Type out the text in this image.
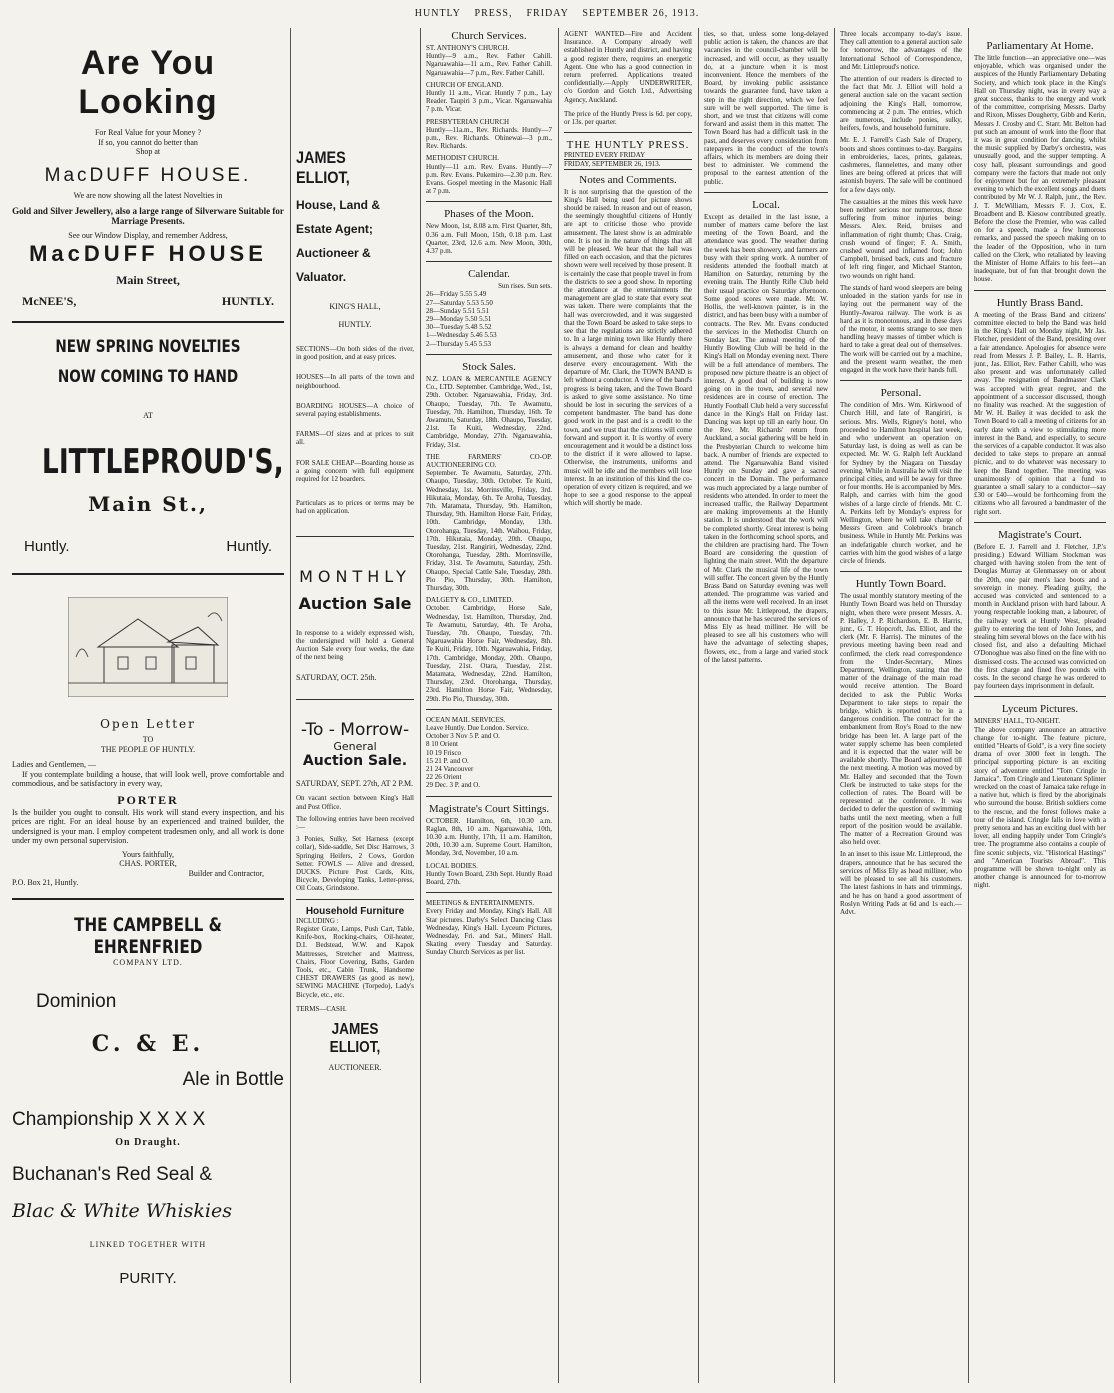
HUNTLY PRESS, FRIDAY SEPTEMBER 26, 1913.
Are You Looking
For Real Value for your Money ? If so, you cannot do better than Shop at
MacDUFF HOUSE.
We are now showing all the latest Novelties in
Gold and Silver Jewellery, also a large range of Silverware Suitable for Marriage Presents.
See our Window Display, and remember Address,
MacDUFF HOUSE
Main Street,
McNEE'S,	HUNTLY.
NEW SPRING NOVELTIES
NOW COMING TO HAND
AT
LITTLEPROUD'S,
Main St.,
Huntly.	Huntly.
Open Letter
TO
THE PEOPLE OF HUNTLY.
Ladies and Gentlemen, —
If you contemplate building a house, that will look well, prove comfortable and commodious, and be satisfactory in every way,
PORTER
Is the builder you ought to consult. His work will stand every inspection, and his prices are right. For an ideal house by an experienced and trained builder, the undersigned is your man. I employ competent tradesmen only, and all work is done under my own personal supervision.
Yours faithfully,
CHAS. PORTER,
Builder and Contractor,
P.O. Box 21, Huntly.
THE CAMPBELL & EHRENFRIED
COMPANY LTD.
Dominion
C. & E.
Ale in Bottle
Championship X X X X
On Draught.
Buchanan's Red Seal &
Blac & White Whiskies
LINKED TOGETHER WITH
PURITY.
JAMES ELLIOT,
House, Land &
Estate Agent;
Auctioneer &
Valuator.
KING'S HALL,
HUNTLY.
SECTIONS—On both sides of the river, in good position, and at easy prices.
HOUSES—In all parts of the town and neighbourhood.
BOARDING HOUSES—A choice of several paying establishments.
FARMS—Of sizes and at prices to suit all.
FOR SALE CHEAP—Boarding house as a going concern with full equipment required for 12 boarders.
Particulars as to prices or terms may be had on application.
MONTHLY
Auction Sale
In response to a widely expressed wish, the undersigned will hold a General Auction Sale every four weeks, the date of the next being
SATURDAY, OCT. 25th.
-To - Morrow-
General
Auction Sale.
SATURDAY, SEPT. 27th, AT 2 P.M.
On vacant section between King's Hall and Post Office.
The following entries have been received :—
3 Ponies, Sulky, Set Harness (except collar), Side-saddle, Set Disc Harrows, 3 Springing Heifers, 2 Cows, Gordon Setter. FOWLS — Alive and dressed, DUCKS. Picture Post Cards, Kits, Bicycle, Developing Tanks, Letter-press, Oil Coats, Grindstone.
Household Furniture
INCLUDING :
Register Grate, Lamps, Push Cart, Table, Knife-box, Rocking-chairs, Oil-heater, D.I. Bedstead, W.W. and Kapok Mattresses, Stretcher and Mattress, Chairs, Floor Covering, Baths, Garden Tools, etc., Cabin Trunk, Handsome CHEST DRAWERS (as good as new), SEWING MACHINE (Torpedo), Lady's Bicycle, etc., etc.
TERMS—CASH.
JAMES ELLIOT,
AUCTIONEER.
Church Services.
ST. ANTHONY'S CHURCH.
Huntly—9 a.m., Rev. Father Cahill. Ngaruawahia—11 a.m., Rev. Father Cahill. Ngaruawahia—7 p.m., Rev. Father Cahill.
CHURCH OF ENGLAND.
Huntly 11 a.m., Vicar. Huntly 7 p.m., Lay Reader. Taupiri 3 p.m., Vicar. Ngaruawahia 7 p.m. Vicar.
PRESBYTERIAN CHURCH
Huntly—11a.m., Rev. Richards. Huntly—7 p.m., Rev. Richards. Ohinewai—3 p.m., Rev. Richards.
METHODIST CHURCH.
Huntly—11 a.m. Rev. Evans. Huntly—7 p.m. Rev. Evans. Pukemiro—2.30 p.m. Rev. Evans. Gospel meeting in the Masonic Hall at 7 p.m.
Phases of the Moon.
New Moon, 1st, 8.08 a.m. First Quarter, 8th, 0.36 a.m. Full Moon, 15th, 0.18 p.m. Last Quarter, 23rd, 12.6 a.m. New Moon, 30th, 4.37 p.m.
Calendar.
Sun rises. Sun sets.
26—Friday 5.55 5.49
27—Saturday 5.53 5.50
28—Sunday 5.51 5.51
29—Monday 5.50 5.51
30—Tuesday 5.48 5.52
1—Wednesday 5.46 5.53
2—Thursday 5.45 5.53
Stock Sales.
N.Z. LOAN & MERCANTILE AGENCY Co., LTD. September. Cambridge, Wed., 1st, 29th. October. Ngaruawahia, Friday, 3rd. Ohaupo, Tuesday, 7th. Te Awamutu, Tuesday, 7th. Hamilton, Thursday, 16th. Te Awamutu, Saturday, 18th. Ohaupo, Tuesday, 21st. Te Kuiti, Wednesday, 22nd. Cambridge, Monday, 27th. Ngaruawahia, Friday, 31st.
THE FARMERS' CO-OP. AUCTIONEERING CO.
September. Te Awamutu, Saturday, 27th. Ohaupo, Tuesday, 30th. October. Te Kuiti, Wednesday, 1st. Morrinsville, Friday, 3rd. Hikutaia, Monday, 6th. Te Aroha, Tuesday, 7th. Matamata, Thursday, 9th. Hamilton, Thursday, 9th. Hamilton Horse Fair, Friday, 10th. Cambridge, Monday, 13th. Otorohanga, Tuesday, 14th. Waihou, Friday, 17th. Hikutaia, Monday, 20th. Ohaupo, Tuesday, 21st. Rangiriri, Wednesday, 22nd. Otorohanga, Tuesday, 28th. Morrinsville, Friday, 31st. Te Awamutu, Saturday, 25th. Ohaupo, Special Cattle Sale, Tuesday, 28th. Pio Pio, Thursday, 30th. Hamilton, Thursday, 30th.
DALGETY & CO., LIMITED.
October. Cambridge, Horse Sale, Wednesday, 1st. Hamilton, Thursday, 2nd. Te Awamutu, Saturday, 4th. Te Aroha, Tuesday, 7th. Ohaupo, Tuesday, 7th. Ngaruawahia Horse Fair, Wednesday, 8th. Te Kuiti, Friday, 10th. Ngaruawahia, Friday, 17th. Cambridge, Monday, 20th. Ohaupo, Tuesday, 21st. Otara, Tuesday, 21st. Matamata, Wednesday, 22nd. Hamilton, Thursday, 23rd. Otorohanga, Thursday, 23rd. Hamilton Horse Fair, Wednesday, 29th. Pio Pio, Thursday, 30th.
OCEAN MAIL SERVICES.
Leave Huntly. Due London. Service.
October 3 Nov 5 P. and O.
8 10 Orient
10 19 Frisco
15 21 P. and O.
21 24 Vancouver
22 26 Orient
29 Dec. 3 P. and O.
Magistrate's Court Sittings.
OCTOBER. Hamilton, 6th, 10.30 a.m. Raglan, 8th, 10 a.m. Ngaruawahia, 10th, 10.30 a.m. Huntly, 17th, 11 a.m. Hamilton, 20th, 10.30 a.m. Supreme Court. Hamilton, Monday, 3rd, November, 10 a.m.
LOCAL BODIES.
Huntly Town Board, 23th Sept. Huntly Road Board, 27th.
MEETINGS & ENTERTAINMENTS.
Every Friday and Monday, King's Hall. All Star pictures. Darby's Select Dancing Class Wednesday, King's Hall. Lyceum Pictures, Wednesday, Fri. and Sat., Miners' Hall. Skating every Tuesday and Saturday. Sunday Church Services as per list.
AGENT WANTED—Fire and Accident Insurance. A Company already well established in Huntly and district, and having a good register there, requires an energetic Agent. One who has a good connection in return preferred. Applications treated confidentially.—Apply UNDERWRITER, c/o Gordon and Gotch Ltd., Advertising Agency, Auckland.
The price of the Huntly Press is 6d. per copy, or 13s. per quarter.
THE HUNTLY PRESS.
PRINTED EVERY FRIDAY
FRIDAY, SEPTEMBER 26, 1913.
Notes and Comments.
It is not surprising that the question of the King's Hall being used for picture shows should be raised. In reason and out of reason, the seemingly thoughtful citizens of Huntly are apt to criticise those who provide amusement. The latest show is an admirable one. It is not in the nature of things that all will be pleased. We hear that the hall was filled on each occasion, and that the pictures shown were well received by those present. It is certainly the case that people travel in from the districts to see a good show. In reporting the attendance at the entertainments the management are glad to state that every seat was taken. There were complaints that the hall was overcrowded, and it was suggested that the Town Board be asked to take steps to see that the regulations are strictly adhered to. In a large mining town like Huntly there is always a demand for clean and healthy amusement, and those who cater for it deserve every encouragement. With the departure of Mr. Clark, the TOWN BAND is left without a conductor. A view of the band's progress is being taken, and the Town Board is asked to give some assistance. No time should be lost in securing the services of a competent bandmaster. The band has done good work in the past and is a credit to the town, and we trust that the citizens will come forward and support it. It is worthy of every encouragement and it would be a distinct loss to the district if it were allowed to lapse. Otherwise, the instruments, uniforms and music will be idle and the members will lose interest. In an institution of this kind the co-operation of every citizen is required, and we hope to see a good response to the appeal which will shortly be made.
ties, so that, unless some long-delayed public action is taken, the chances are that vacancies in the council-chamber will be increased, and will occur, as they usually do, at a juncture when it is most inconvenient. Hence the members of the Board, by invoking public assistance towards the guarantee fund, have taken a step in the right direction, which we feel sure will be well supported. The time is short, and we trust that citizens will come forward and assist them in this matter. The Town Board has had a difficult task in the past, and deserves every consideration from ratepayers in the conduct of the town's affairs, which its members are doing their best to administer. We commend the proposal to the earnest attention of the public.
Local.
Except as detailed in the last issue, a number of matters came before the last meeting of the Town Board, and the attendance was good. The weather during the week has been showery, and farmers are busy with their spring work. A number of residents attended the football match at Hamilton on Saturday, returning by the evening train. The Huntly Rifle Club held their usual practice on Saturday afternoon. Some good scores were made. Mr. W. Hollis, the well-known painter, is in the district, and has been busy with a number of contracts. The Rev. Mr. Evans conducted the services in the Methodist Church on Sunday last. The annual meeting of the Huntly Bowling Club will be held in the King's Hall on Monday evening next. There will be a full attendance of members. The proposed new picture theatre is an object of interest. A good deal of building is now going on in the town, and several new residences are in course of erection. The Huntly Football Club held a very successful dance in the King's Hall on Friday last. Dancing was kept up till an early hour. On the Rev. Mr. Richards' return from Auckland, a social gathering will be held in the Presbyterian Church to welcome him back. A number of friends are expected to attend. The Ngaruawahia Band visited Huntly on Sunday and gave a sacred concert in the Domain. The performance was much appreciated by a large number of residents who attended. In order to meet the increased traffic, the Railway Department are making improvements at the Huntly station. It is understood that the work will be completed shortly. Great interest is being taken in the forthcoming school sports, and the children are practising hard. The Town Board are considering the question of lighting the main street. With the departure of Mr. Clark the musical life of the town will suffer. The concert given by the Huntly Brass Band on Saturday evening was well attended. The programme was varied and all the items were well received. In an inset to this issue Mr. Littleproud, the drapers, announce that he has secured the services of Miss Ely as head milliner. He will be pleased to see all his customers who will have the advantage of selecting shapes, flowers, etc., from a large and varied stock of the latest patterns.
Three locals accompany to-day's issue. They call attention to a general auction sale for tomorrow, the advantages of the International School of Correspondence, and Mr. Littleproud's notice.
The attention of our readers is directed to the fact that Mr. J. Elliot will hold a general auction sale on the vacant section adjoining the King's Hall, tomorrow, commencing at 2 p.m. The entries, which are numerous, include ponies, sulky, heifers, fowls, and household furniture.
Mr. E. J. Farrell's Cash Sale of Drapery, boots and shoes continues to-day. Bargains in embroideries, laces, prints, galateas, cashmeres, flannelettes, and many other lines are being offered at prices that will astonish buyers. The sale will be continued for a few days only.
The casualties at the mines this week have been neither serious nor numerous, those suffering from minor injuries being: Messrs. Alex. Reid, bruises and inflammation of right thumb; Chas. Craig, crush wound of finger; F. A. Smith, crushed wound and inflamed foot; John Campbell, bruised back, cuts and fracture of left ring finger, and Michael Stanton, two wounds on right hand.
The stands of hard wood sleepers are being unloaded in the station yards for use in laying out the permanent way of the Huntly-Awaroa railway. The work is as hard as it is monotonous, and in these days of the motor, it seems strange to see men handling heavy masses of timber which is hard to take a great deal out of themselves. The work will be carried out by a machine, and the present warm weather, the men engaged in the work have their hands full.
Personal.
The condition of Mrs. Wm. Kirkwood of Church Hill, and late of Rangiriri, is serious. Mrs. Wells, Rigney's hotel, who proceeded to Hamilton hospital last week, and who underwent an operation on Saturday last, is doing as well as can be expected. Mr. W. G. Ralph left Auckland for Sydney by the Niagara on Tuesday evening. While in Australia he will visit the principal cities, and will be away for three or four months. He is accompanied by Mrs. Ralph, and carries with him the good wishes of a large circle of friends. Mr. C. A. Perkins left by Monday's express for Wellington, where he will take charge of Messrs Green and Colebrook's branch business. While in Huntly Mr. Perkins was an indefatigable church worker, and he carries with him the good wishes of a large circle of friends.
Huntly Town Board.
The usual monthly statutory meeting of the Huntly Town Board was held on Thursday night, when there were present Messrs. A. P. Halley, J. P. Richardson, E. B. Harris, junr., G. T. Hopcroft, Jas. Elliot, and the clerk (Mr. F. Harris). The minutes of the previous meeting having been read and confirmed, the clerk read correspondence from the Under-Secretary, Mines Department, Wellington, stating that the matter of the drainage of the main road would receive attention. The Board decided to ask the Public Works Department to take steps to repair the bridge, which is reported to be in a dangerous condition. The contract for the embankment from Roy's Road to the new bridge has been let. A large part of the water supply scheme has been completed and it is expected that the water will be available shortly. The Board adjourned till the next meeting. A motion was moved by Mr. Halley and seconded that the Town Clerk be instructed to take steps for the collection of rates. The Board will be represented at the conference. It was decided to defer the question of swimming baths until the next meeting, when a full report of the position would be available. The matter of a Recreation Ground was also held over.
In an inset to this issue Mr. Littleproud, the drapers, announce that he has secured the services of Miss Ely as head milliner, who will be pleased to see all his customers. The latest fashions in hats and trimmings, and he has on hand a good assortment of Roslyn Writing Pads at 6d and 1s each.—Advt.
Parliamentary At Home.
The little function—an appreciative one—was enjoyable, which was organised under the auspices of the Huntly Parliamentary Debating Society, and which took place in the King's Hall on Thursday night, was in every way a great success, thanks to the energy and work of the committee, comprising Messrs. Darby and Rixon, Misses Dougherty, Gibb and Kerin, Messrs J. Crosby and C. Starr. Mr. Belton had put such an amount of work into the floor that it was in great condition for dancing, whilst the music supplied by Darby's orchestra, was unusually good, and the supper tempting. A cosy hall, pleasant surroundings and good company were the factors that made not only for enjoyment but for an extremely pleasant evening to which the excellent songs and duets contributed by Mr W. J. Ralph, junr., the Rev. J. T. McWilliam, Messrs F. J. Cox, E. Broadbent and B. Kiesow contributed greatly. Before the close the Premier, who was called on for a speech, made a few humorous remarks, and passed the speech making on to the leader of the Opposition, who in turn called on the Clerk, who retaliated by leaving the Minister of Home Affairs to his feet—an inadequate, but of fun that brought down the house.
Huntly Brass Band.
A meeting of the Brass Band and citizens' committee elected to help the Band was held in the King's Hall on Monday night, Mr Jas. Fletcher, president of the Band, presiding over a fair attendance. Apologies for absence were read from Messrs J. P. Bailey, L. R. Harris, junr., Jas. Elliot, Rev. Father Cahill, who was also present and was unfortunately called away. The resignation of Bandmaster Clark was accepted with great regret, and the appointment of a successor discussed, though no finality was reached. At the suggestion of Mr W. H. Bailey it was decided to ask the Town Board to call a meeting of citizens for an early date with a view to stimulating more interest in the Band, and especially, to secure the services of a capable conductor. It was also decided to take steps to prepare an annual picnic, and to do whatever was necessary to keep the Band together. The meeting was unanimously of opinion that a fund to guarantee a small salary to a conductor—say £30 or £40—would be forthcoming from the citizens who all favoured a bandmaster of the right sort.
Magistrate's Court.
(Before E. J. Farrell and J. Fletcher, J.P.'s presiding.) Edward William Stockman was charged with having stolen from the tent of Douglas Murray at Glenmassey on or about the 20th, one pair men's lace boots and a sovereign in money. Pleading guilty, the accused was convicted and sentenced to a month in Auckland prison with hard labour. A young respectable looking man, a labourer, of the railway work at Huntly West, pleaded guilty to entering the tent of John Jones, and stealing him several blows on the face with his closed fist, and also a defaulting Michael O'Donoghue was also fined on the fine with no dismissed costs. The accused was convicted on the first charge and fined five pounds with costs. In the second charge he was ordered to pay fourteen days imprisonment in default.
Lyceum Pictures.
MINERS' HALL, TO-NIGHT.
The above company announce an attractive change for to-night. The feature picture, entitled "Hearts of Gold", is a very fine society drama of over 3000 feet in length. The principal supporting picture is an exciting story of adventure entitled "Tom Cringle in Jamaica". Tom Cringle and Lieutenant Splinter wrecked on the coast of Jamaica take refuge in a native hut, which is fired by the aboriginals who surround the house. British soldiers come to the rescue, and the forest follows make a tour of the island. Cringle falls in love with a pretty senora and has an exciting duel with her lover, all ending happily under Tom Cringle's tree. The programme also contains a couple of fine scenic subjects, viz. "Historical Hastings" and "American Tourists Abroad". This programme will be shown to-night only as another change is announced for to-morrow night.
